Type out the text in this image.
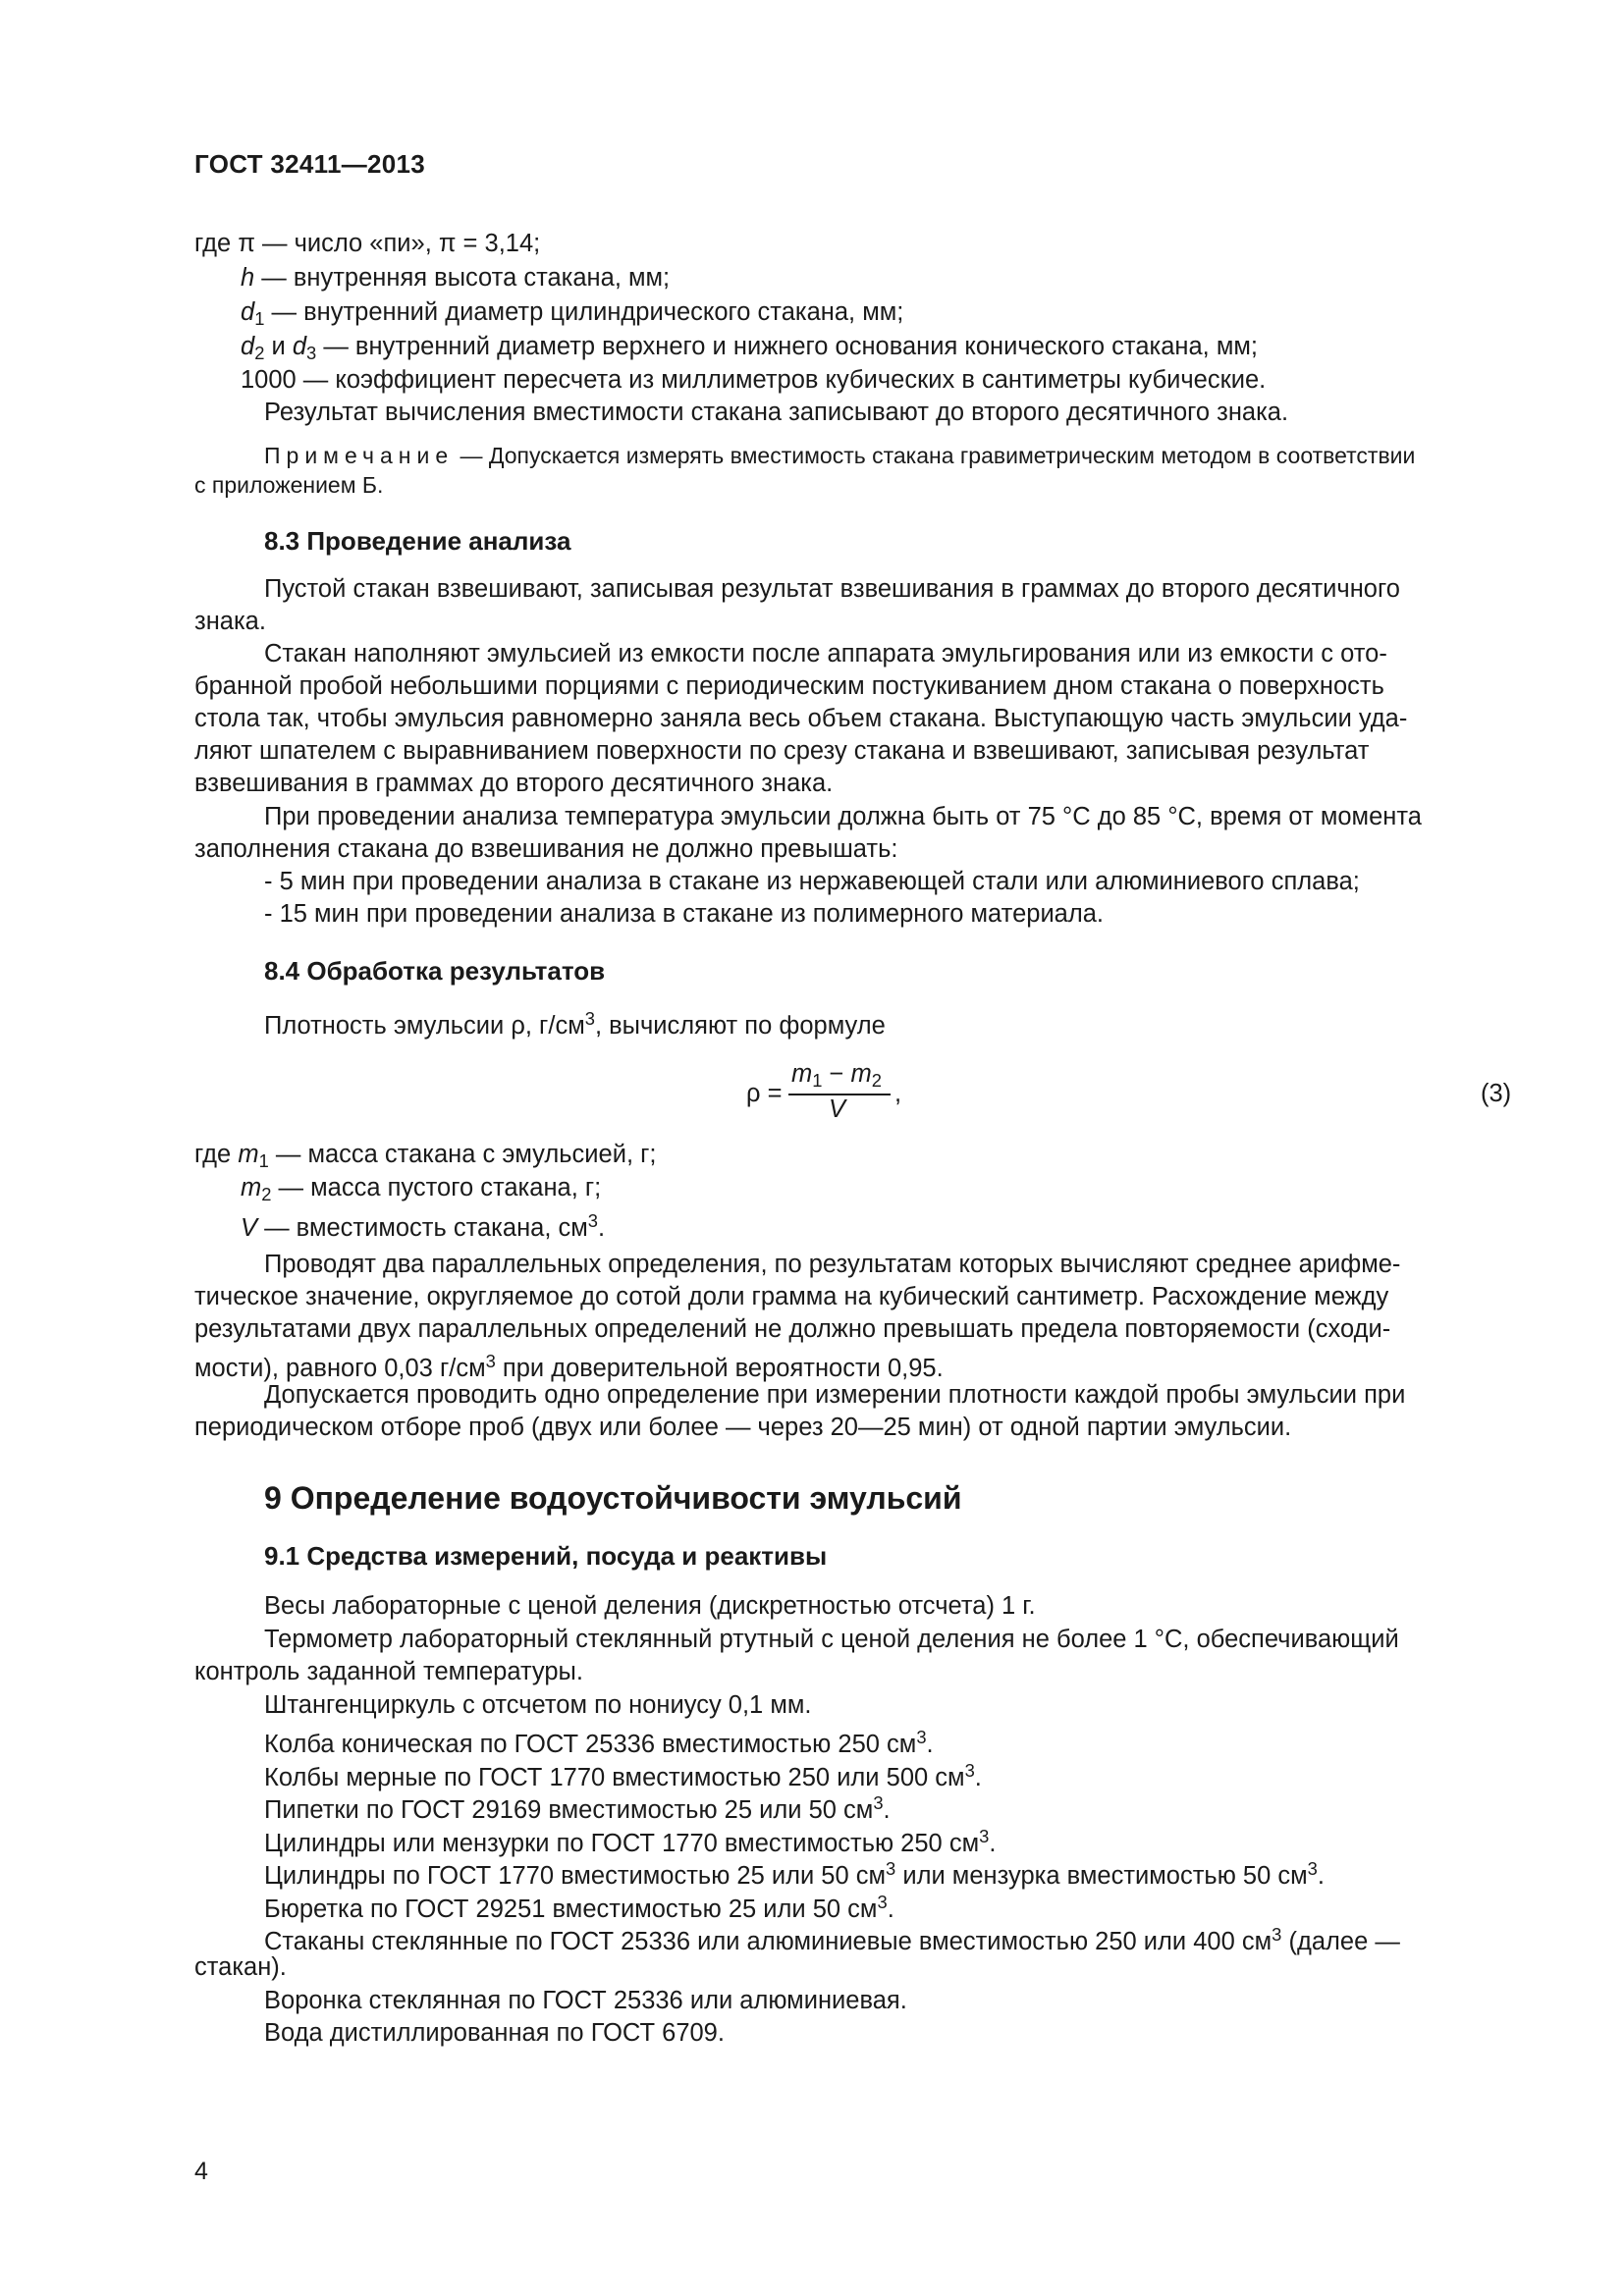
ГОСТ 32411—2013
где π — число «пи», π = 3,14;
h — внутренняя высота стакана, мм;
$d_1$ — внутренний диаметр цилиндрического стакана, мм;
$d_2$ и $d_3$ — внутренний диаметр верхнего и нижнего основания конического стакана, мм;
1000 — коэффициент пересчета из миллиметров кубических в сантиметры кубические.
Результат вычисления вместимости стакана записывают до второго десятичного знака.
Примечание — Допускается измерять вместимость стакана гравиметрическим методом в соответствии
с приложением Б.
8.3 Проведение анализа
Пустой стакан взвешивают, записывая результат взвешивания в граммах до второго десятичного
знака.
Стакан наполняют эмульсией из емкости после аппарата эмульгирования или из емкости с ото-
бранной пробой небольшими порциями с периодическим постукиванием дном стакана о поверхность
стола так, чтобы эмульсия равномерно заняла весь объем стакана. Выступающую часть эмульсии уда-
ляют шпателем с выравниванием поверхности по срезу стакана и взвешивают, записывая результат
взвешивания в граммах до второго десятичного знака.
При проведении анализа температура эмульсии должна быть от 75 °С до 85 °С, время от момента
заполнения стакана до взвешивания не должно превышать:
- 5 мин при проведении анализа в стакане из нержавеющей стали или алюминиевого сплава;
- 15 мин при проведении анализа в стакане из полимерного материала.
8.4 Обработка результатов
Плотность эмульсии ρ, $г/см^3$, вычисляют по формуле
ρ =
$m_1 - m_2$
V
,	(3)
где $m_1$ — масса стакана с эмульсией, г;
$m_2$ — масса пустого стакана, г;
V — вместимость стакана, $см^3$.
Проводят два параллельных определения, по результатам которых вычисляют среднее арифме-
тическое значение, округляемое до сотой доли грамма на кубический сантиметр. Расхождение между
результатами двух параллельных определений не должно превышать предела повторяемости (сходи-
мости), равного 0,03 $г/см^3$ при доверительной вероятности 0,95.
Допускается проводить одно определение при измерении плотности каждой пробы эмульсии при
периодическом отборе проб (двух или более — через 20—25 мин) от одной партии эмульсии.
9 Определение водоустойчивости эмульсий
9.1 Средства измерений, посуда и реактивы
Весы лабораторные с ценой деления (дискретностью отсчета) 1 г.
Термометр лабораторный стеклянный ртутный с ценой деления не более 1 °С, обеспечивающий
контроль заданной температуры.
Штангенциркуль с отсчетом по нониусу 0,1 мм.
Колба коническая по ГОСТ 25336 вместимостью 250 $см^3$.
Колбы мерные по ГОСТ 1770 вместимостью 250 или 500 $см^3$.
Пипетки по ГОСТ 29169 вместимостью 25 или 50 $см^3$.
Цилиндры или мензурки по ГОСТ 1770 вместимостью 250 $см^3$.
Цилиндры по ГОСТ 1770 вместимостью 25 или 50 $см^3$ или мензурка вместимостью 50 $см^3$.
Бюретка по ГОСТ 29251 вместимостью 25 или 50 $см^3$.
Стаканы стеклянные по ГОСТ 25336 или алюминиевые вместимостью 250 или 400 $см^3$ (далее —
стакан).
Воронка стеклянная по ГОСТ 25336 или алюминиевая.
Вода дистиллированная по ГОСТ 6709.
4
